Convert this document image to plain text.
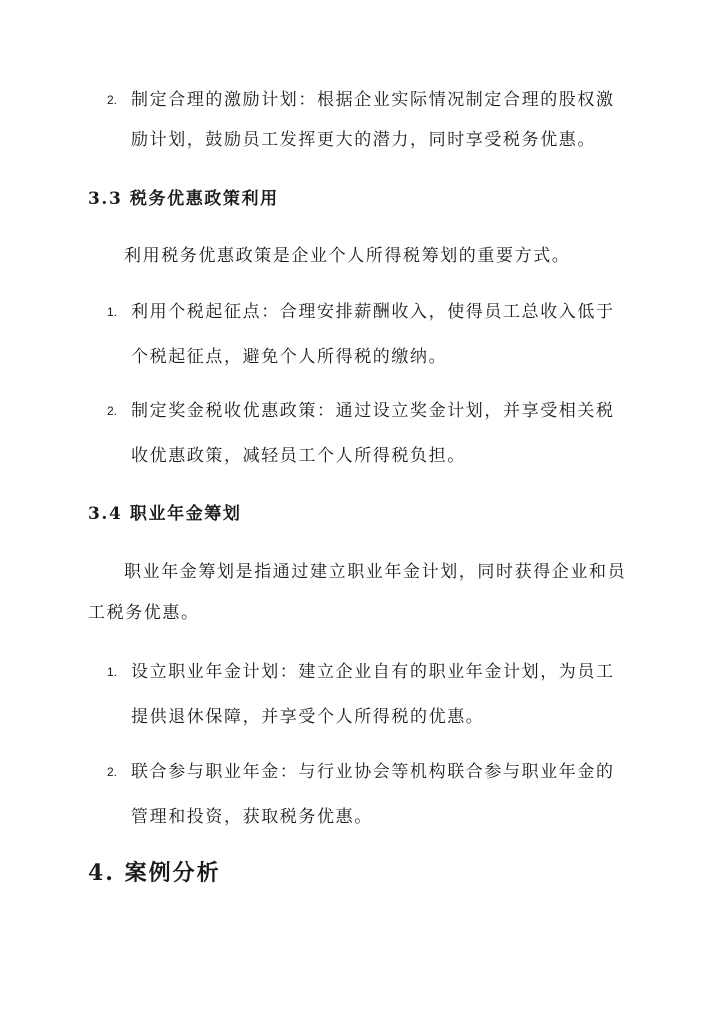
2. 制定合理的激励计划：根据企业实际情况制定合理的股权激
励计划，鼓励员工发挥更大的潜力，同时享受税务优惠。
3.3 税务优惠政策利用
利用税务优惠政策是企业个人所得税筹划的重要方式。
1. 利用个税起征点：合理安排薪酬收入，使得员工总收入低于
个税起征点，避免个人所得税的缴纳。
2. 制定奖金税收优惠政策：通过设立奖金计划，并享受相关税
收优惠政策，减轻员工个人所得税负担。
3.4 职业年金筹划
职业年金筹划是指通过建立职业年金计划，同时获得企业和员
工税务优惠。
1. 设立职业年金计划：建立企业自有的职业年金计划，为员工
提供退休保障，并享受个人所得税的优惠。
2. 联合参与职业年金：与行业协会等机构联合参与职业年金的
管理和投资，获取税务优惠。
4. 案例分析
